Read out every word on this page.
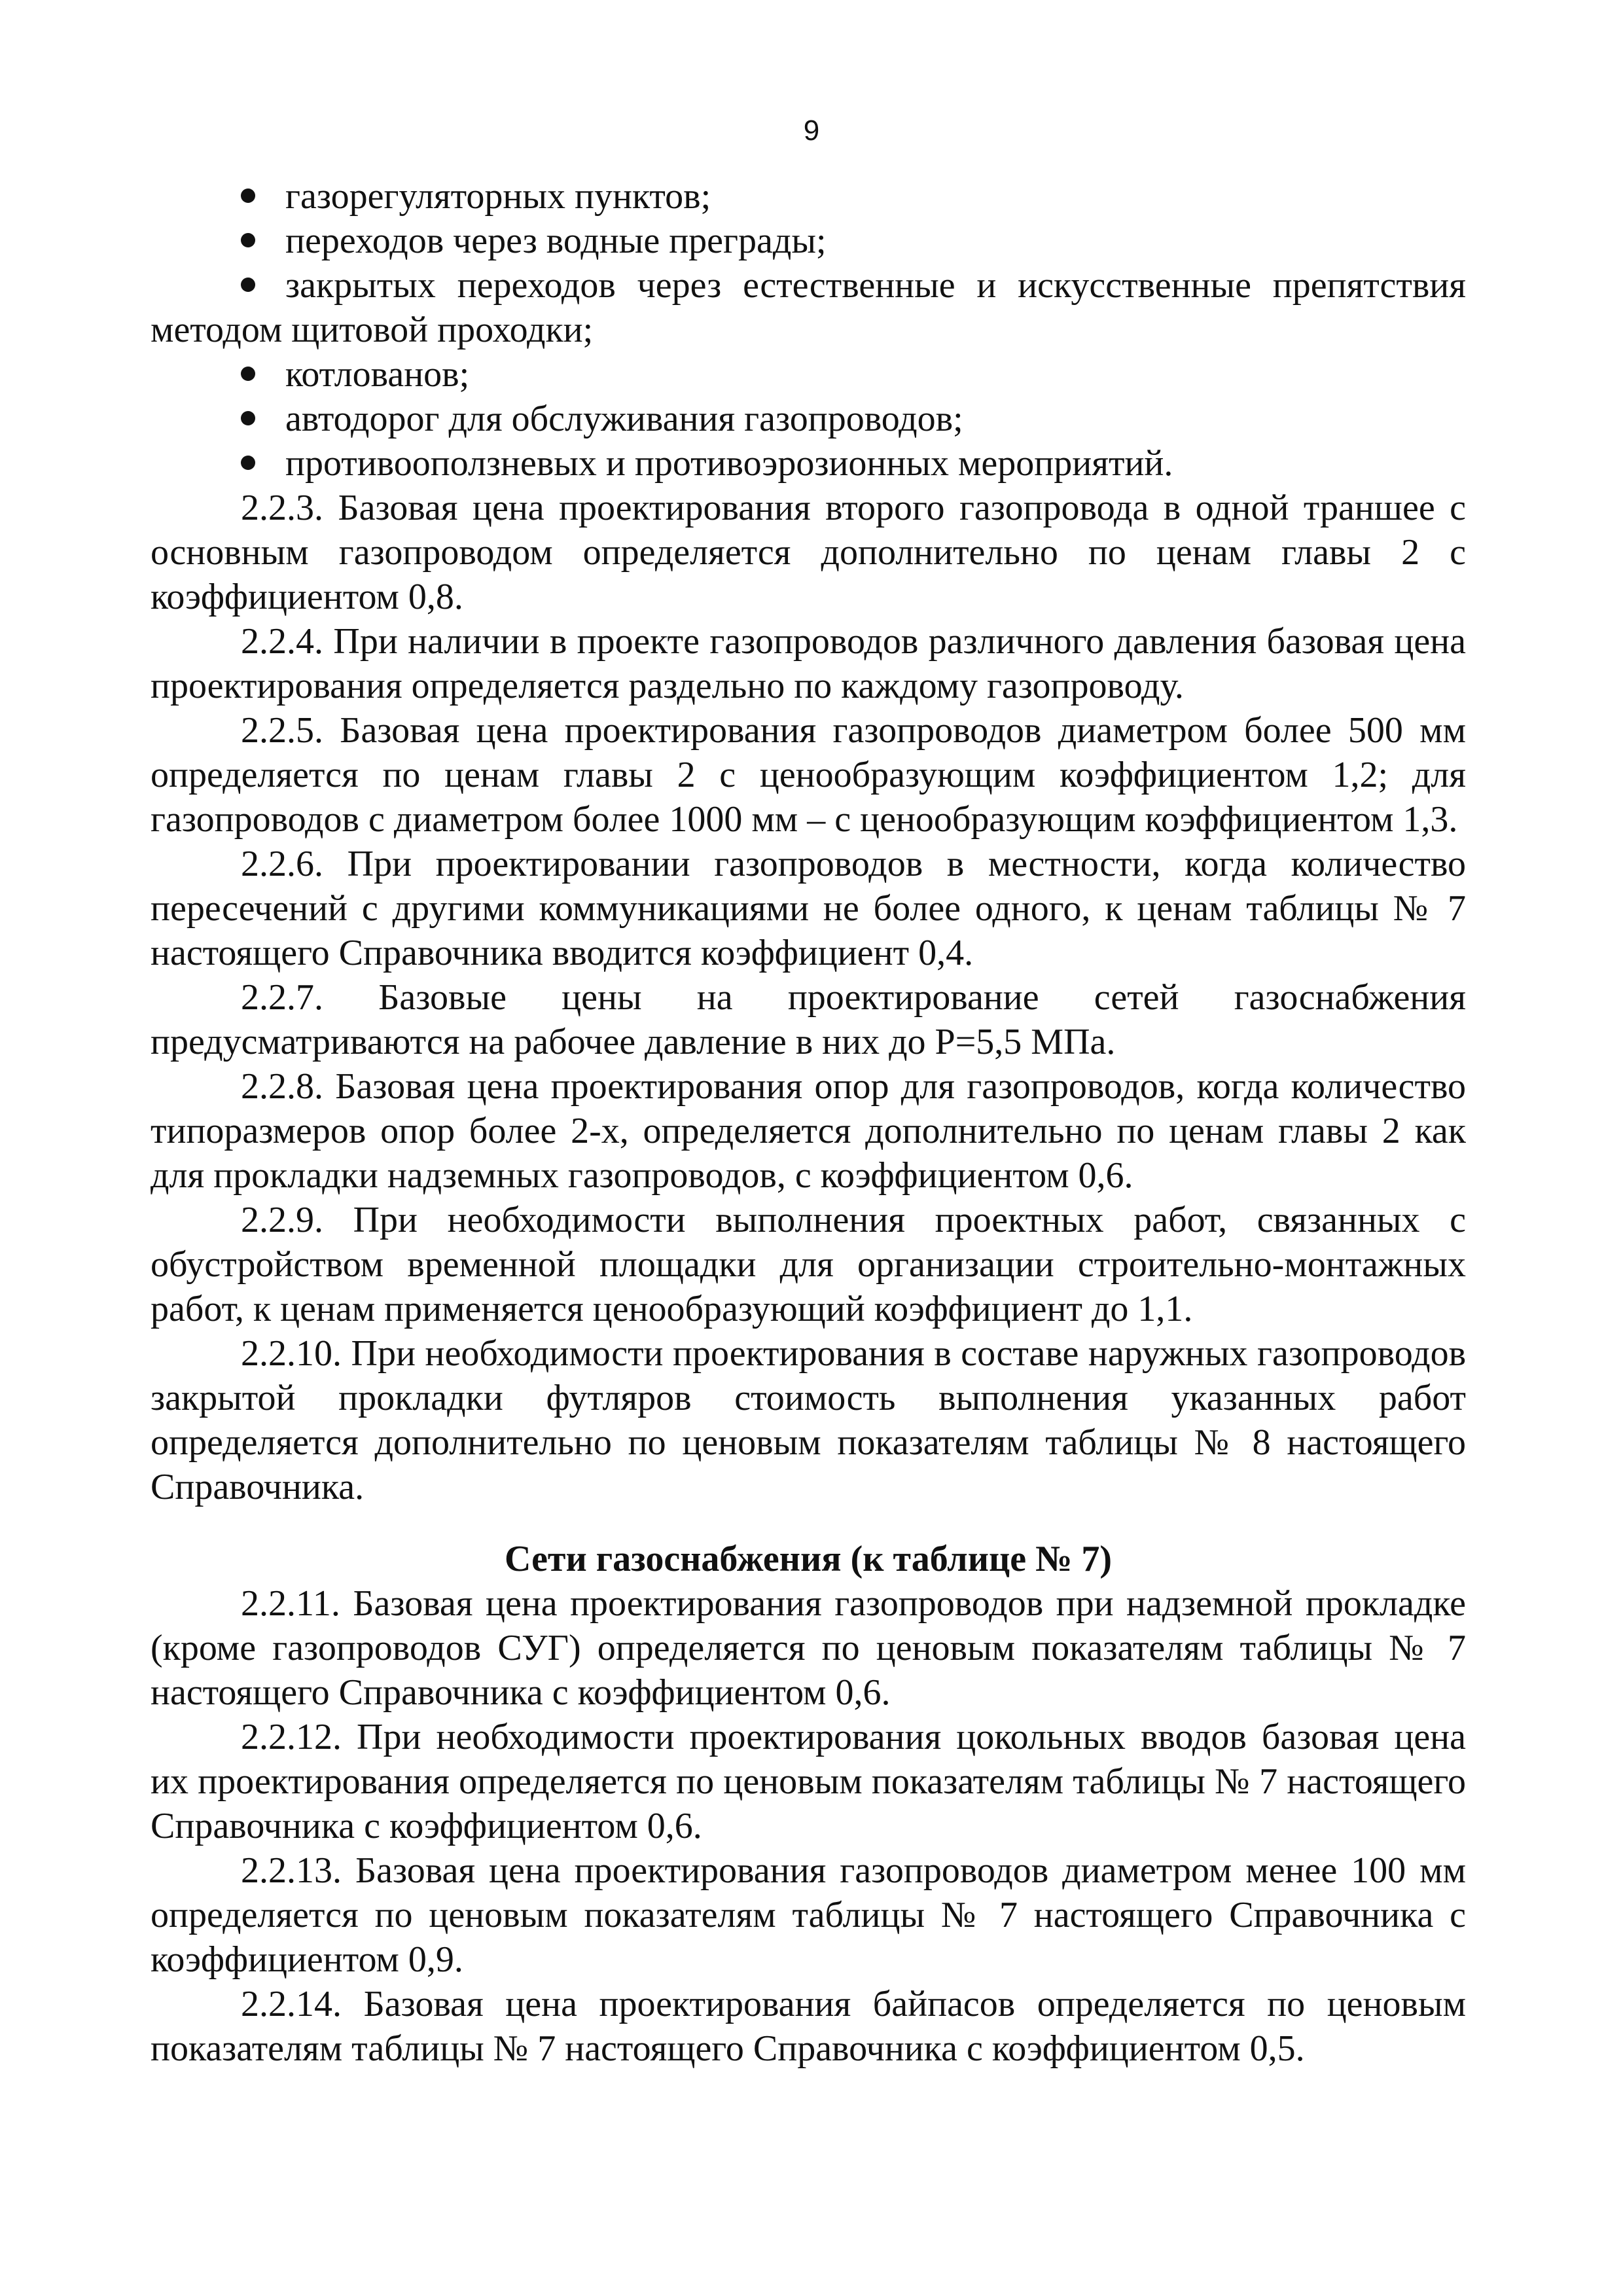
9

газорегуляторных пунктов;

переходов через водные преграды;

закрытых переходов через естественные и искусственные препятствия методом щитовой проходки;

котлованов;

автодорог для обслуживания газопроводов;

противооползневых и противоэрозионных мероприятий.

2.2.3. Базовая цена проектирования второго газопровода в одной траншее с основным газопроводом определяется дополнительно по ценам главы 2 с коэффициентом 0,8.

2.2.4. При наличии в проекте газопроводов различного давления базовая цена проектирования определяется раздельно по каждому газопроводу.

2.2.5. Базовая цена проектирования газопроводов диаметром более 500 мм определяется по ценам главы 2 с ценообразующим коэффициентом 1,2; для газопроводов с диаметром более 1000 мм – с ценообразующим коэффициентом 1,3.

2.2.6. При проектировании газопроводов в местности, когда количество пересечений с другими коммуникациями не более одного, к ценам таблицы № 7 настоящего Справочника вводится коэффициент 0,4.

2.2.7. Базовые цены на проектирование сетей газоснабжения предусматриваются на рабочее давление в них до Р=5,5 МПа.

2.2.8. Базовая цена проектирования опор для газопроводов, когда количество типоразмеров опор более 2-х, определяется дополнительно по ценам главы 2 как для прокладки надземных газопроводов, с коэффициентом 0,6.

2.2.9. При необходимости выполнения проектных работ, связанных с обустройством временной площадки для организации строительно-монтажных работ, к ценам применяется ценообразующий коэффициент до 1,1.

2.2.10. При необходимости проектирования в составе наружных газопроводов закрытой прокладки футляров стоимость выполнения указанных работ определяется дополнительно по ценовым показателям таблицы № 8 настоящего Справочника.

Сети газоснабжения (к таблице № 7)

2.2.11. Базовая цена проектирования газопроводов при надземной прокладке (кроме газопроводов СУГ) определяется по ценовым показателям таблицы № 7 настоящего Справочника с коэффициентом 0,6.

2.2.12. При необходимости проектирования цокольных вводов базовая цена их проектирования определяется по ценовым показателям таблицы № 7 настоящего Справочника с коэффициентом 0,6.

2.2.13. Базовая цена проектирования газопроводов диаметром менее 100 мм определяется по ценовым показателям таблицы № 7 настоящего Справочника с коэффициентом 0,9.

2.2.14. Базовая цена проектирования байпасов определяется по ценовым показателям таблицы № 7 настоящего Справочника с коэффициентом 0,5.
